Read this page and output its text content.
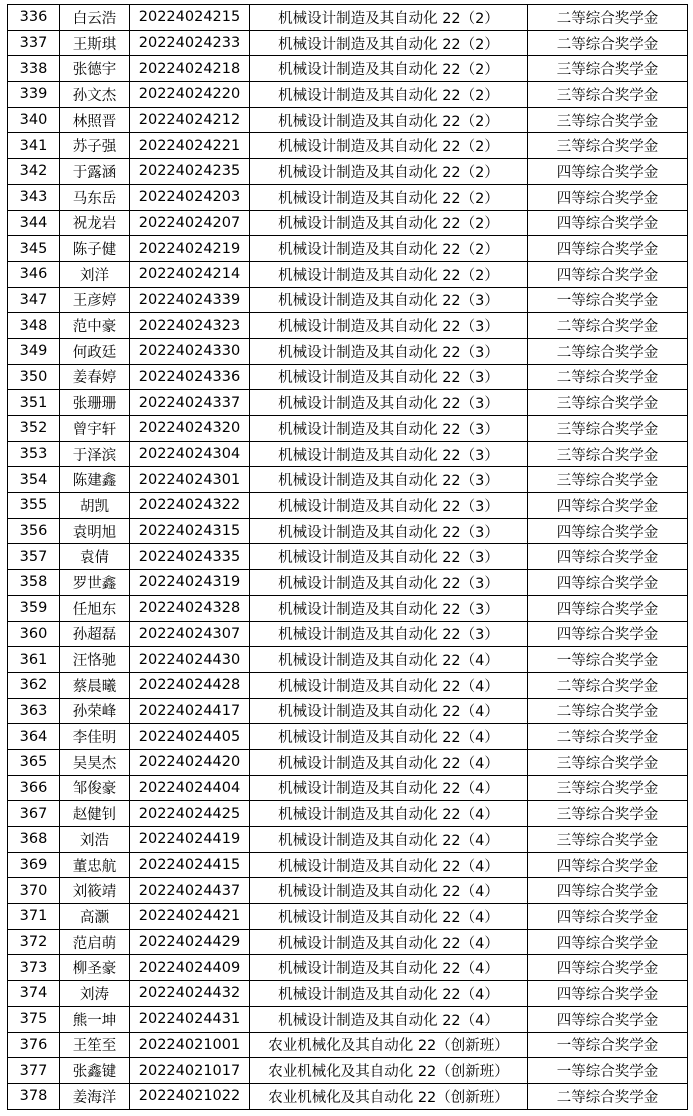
336	白云浩	20224024215	机械设计制造及其自动化 22（2）	二等综合奖学金
337	王斯琪	20224024233	机械设计制造及其自动化 22（2）	二等综合奖学金
338	张德宇	20224024218	机械设计制造及其自动化 22（2）	三等综合奖学金
339	孙文杰	20224024220	机械设计制造及其自动化 22（2）	三等综合奖学金
340	林照晋	20224024212	机械设计制造及其自动化 22（2）	三等综合奖学金
341	苏子强	20224024221	机械设计制造及其自动化 22（2）	三等综合奖学金
342	于露涵	20224024235	机械设计制造及其自动化 22（2）	四等综合奖学金
343	马东岳	20224024203	机械设计制造及其自动化 22（2）	四等综合奖学金
344	祝龙岩	20224024207	机械设计制造及其自动化 22（2）	四等综合奖学金
345	陈子健	20224024219	机械设计制造及其自动化 22（2）	四等综合奖学金
346	刘洋	20224024214	机械设计制造及其自动化 22（2）	四等综合奖学金
347	王彦婷	20224024339	机械设计制造及其自动化 22（3）	一等综合奖学金
348	范中豪	20224024323	机械设计制造及其自动化 22（3）	二等综合奖学金
349	何政廷	20224024330	机械设计制造及其自动化 22（3）	二等综合奖学金
350	姜春婷	20224024336	机械设计制造及其自动化 22（3）	二等综合奖学金
351	张珊珊	20224024337	机械设计制造及其自动化 22（3）	三等综合奖学金
352	曾宇轩	20224024320	机械设计制造及其自动化 22（3）	三等综合奖学金
353	于泽滨	20224024304	机械设计制造及其自动化 22（3）	三等综合奖学金
354	陈建鑫	20224024301	机械设计制造及其自动化 22（3）	三等综合奖学金
355	胡凯	20224024322	机械设计制造及其自动化 22（3）	四等综合奖学金
356	袁明旭	20224024315	机械设计制造及其自动化 22（3）	四等综合奖学金
357	袁倩	20224024335	机械设计制造及其自动化 22（3）	四等综合奖学金
358	罗世鑫	20224024319	机械设计制造及其自动化 22（3）	四等综合奖学金
359	任旭东	20224024328	机械设计制造及其自动化 22（3）	四等综合奖学金
360	孙超磊	20224024307	机械设计制造及其自动化 22（3）	四等综合奖学金
361	汪恪驰	20224024430	机械设计制造及其自动化 22（4）	一等综合奖学金
362	蔡晨曦	20224024428	机械设计制造及其自动化 22（4）	二等综合奖学金
363	孙荣峰	20224024417	机械设计制造及其自动化 22（4）	二等综合奖学金
364	李佳明	20224024405	机械设计制造及其自动化 22（4）	二等综合奖学金
365	吴昊杰	20224024420	机械设计制造及其自动化 22（4）	三等综合奖学金
366	邹俊豪	20224024404	机械设计制造及其自动化 22（4）	三等综合奖学金
367	赵健钊	20224024425	机械设计制造及其自动化 22（4）	三等综合奖学金
368	刘浩	20224024419	机械设计制造及其自动化 22（4）	三等综合奖学金
369	董忠航	20224024415	机械设计制造及其自动化 22（4）	四等综合奖学金
370	刘筱靖	20224024437	机械设计制造及其自动化 22（4）	四等综合奖学金
371	高灏	20224024421	机械设计制造及其自动化 22（4）	四等综合奖学金
372	范启萌	20224024429	机械设计制造及其自动化 22（4）	四等综合奖学金
373	柳圣豪	20224024409	机械设计制造及其自动化 22（4）	四等综合奖学金
374	刘涛	20224024432	机械设计制造及其自动化 22（4）	四等综合奖学金
375	熊一坤	20224024431	机械设计制造及其自动化 22（4）	四等综合奖学金
376	王笙至	20224021001	农业机械化及其自动化 22（创新班）	一等综合奖学金
377	张鑫键	20224021017	农业机械化及其自动化 22（创新班）	一等综合奖学金
378	姜海洋	20224021022	农业机械化及其自动化 22（创新班）	二等综合奖学金
